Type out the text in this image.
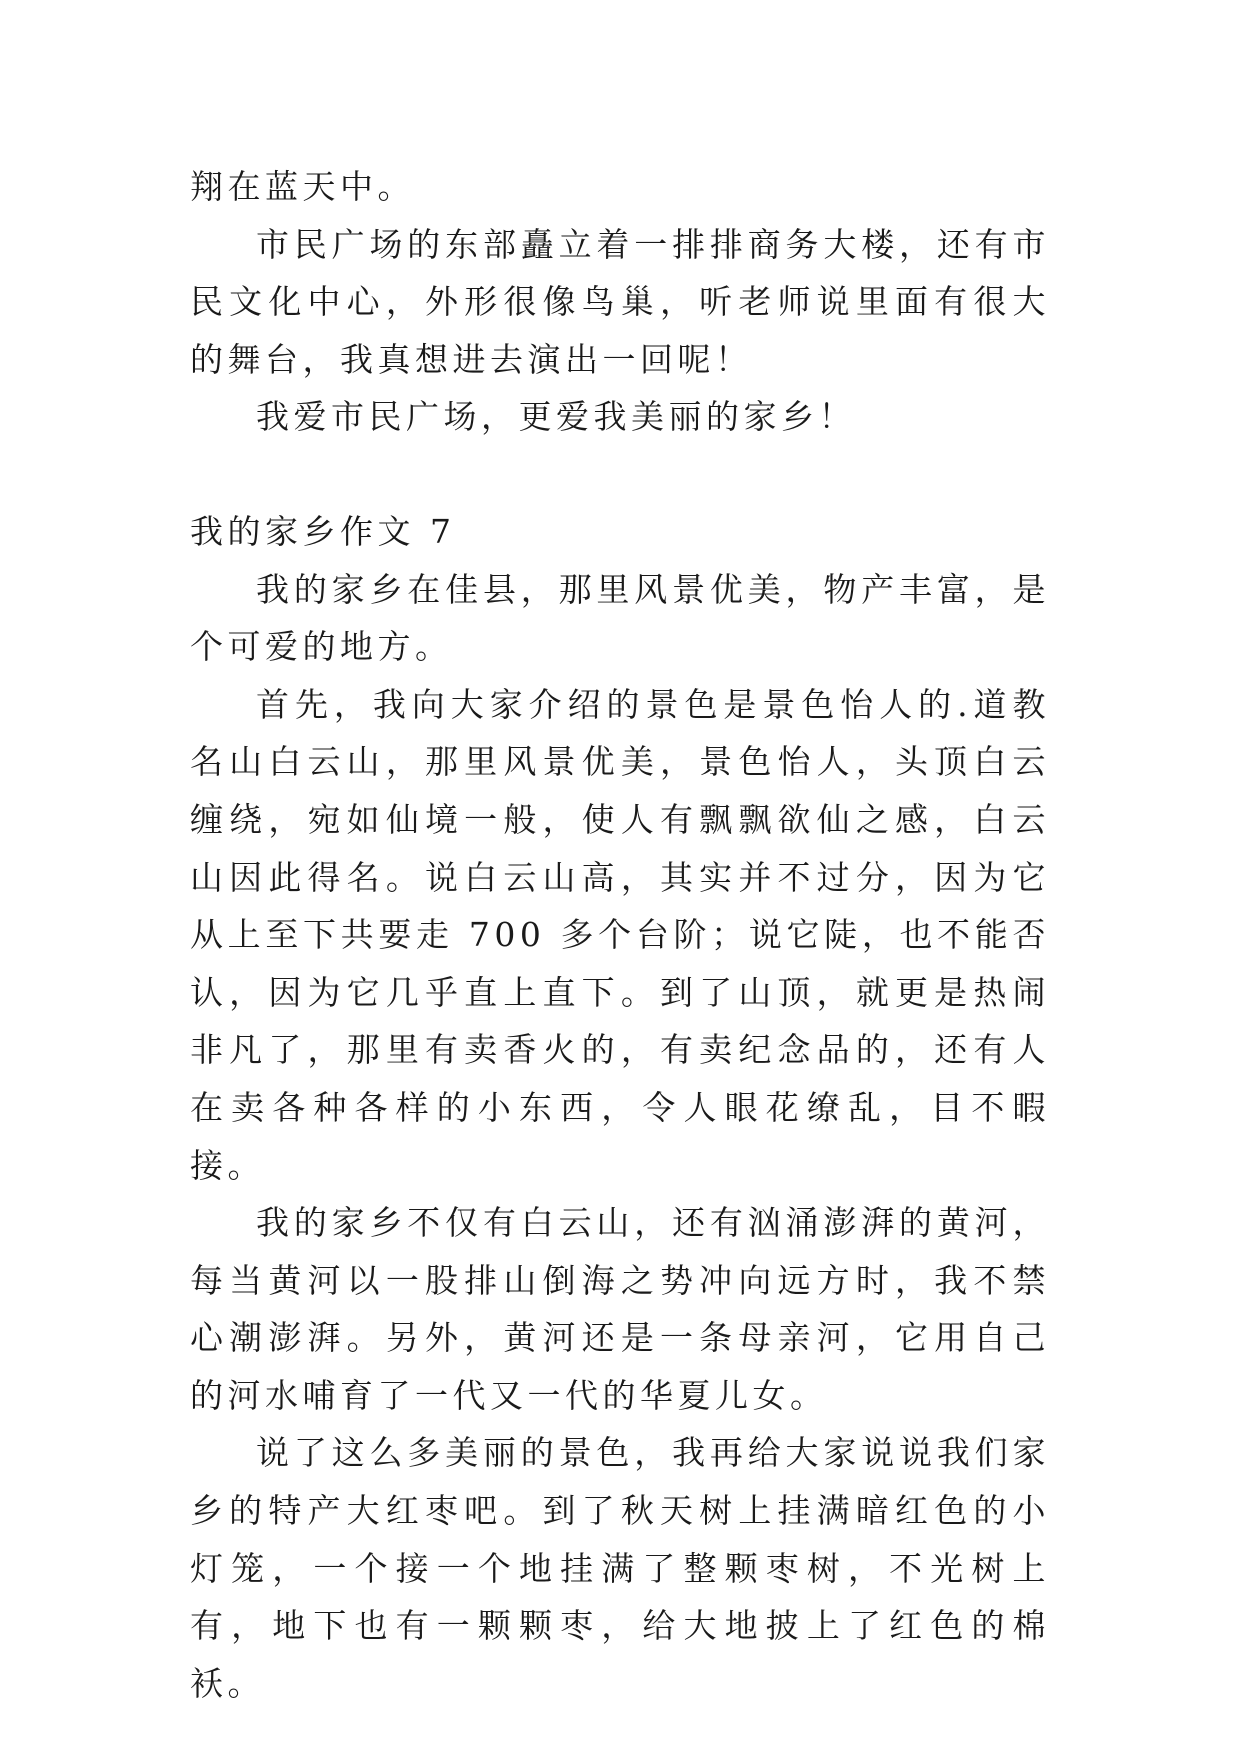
翔在蓝天中。

市民广场的东部矗立着一排排商务大楼，还有市民文化中心，外形很像鸟巢，听老师说里面有很大的舞台，我真想进去演出一回呢！

我爱市民广场，更爱我美丽的家乡！

我的家乡作文 7

我的家乡在佳县，那里风景优美，物产丰富，是个可爱的地方。

首先，我向大家介绍的景色是景色怡人的.道教名山白云山，那里风景优美，景色怡人，头顶白云缠绕，宛如仙境一般，使人有飘飘欲仙之感，白云山因此得名。说白云山高，其实并不过分，因为它从上至下共要走 700 多个台阶；说它陡，也不能否认，因为它几乎直上直下。到了山顶，就更是热闹非凡了，那里有卖香火的，有卖纪念品的，还有人在卖各种各样的小东西，令人眼花缭乱，目不暇接。

我的家乡不仅有白云山，还有汹涌澎湃的黄河，每当黄河以一股排山倒海之势冲向远方时，我不禁心潮澎湃。另外，黄河还是一条母亲河，它用自己的河水哺育了一代又一代的华夏儿女。

说了这么多美丽的景色，我再给大家说说我们家乡的特产大红枣吧。到了秋天树上挂满暗红色的小灯笼，一个接一个地挂满了整颗枣树，不光树上有，地下也有一颗颗枣，给大地披上了红色的棉袄。
